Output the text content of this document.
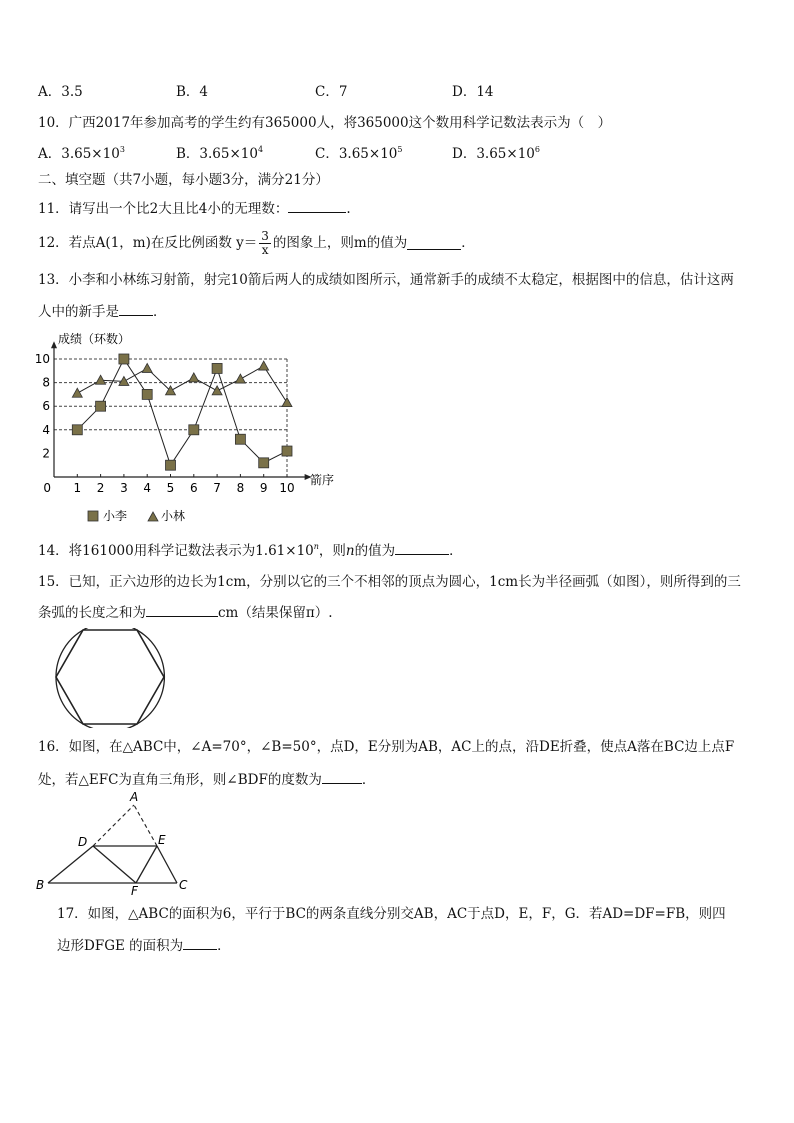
A．3.5	B．4	C．7	D．14
10．广西2017年参加高考的学生约有365000人，将365000这个数用科学记数法表示为（　）
A．$3.65\times 10^3$	B．$3.65\times 10^4$	C．$3.65\times 10^5$	D．$3.65\times 10^6$
二、填空题（共7小题，每小题3分，满分21分）
11．请写出一个比2大且比4小的无理数：	.
12．若点A(1，m)在反比例函数 $y= \frac{3}{x}$ 的图象上，则m的值为	．
13．小李和小林练习射箭，射完10箭后两人的成绩如图所示，通常新手的成绩不太稳定，根据图中的信息，估计这两
人中的新手是	．
0 1 2 3 4 5 6 7 8 9 10
2
4
6
8
10
成绩（环数）
箭序
小李	小林
14．将161000用科学记数法表示为$1.61\times 10^n$，则n的值为	．
15．已知，正六边形的边长为1cm，分别以它的三个不相邻的顶点为圆心，1cm长为半径画弧（如图），则所得到的三
条弧的长度之和为	cm（结果保留π）.
16．如图，在△ABC中，∠A=70°，∠B=50°，点D，E分别为AB，AC上的点，沿DE折叠，使点A落在BC边上点F
处，若△EFC为直角三角形，则∠BDF的度数为	．
A
B	C
D	E
F
17．如图，△ABC的面积为6，平行于BC的两条直线分别交AB，AC于点D，E，F，G．若AD=DF=FB，则四
边形DFGE 的面积为	．
